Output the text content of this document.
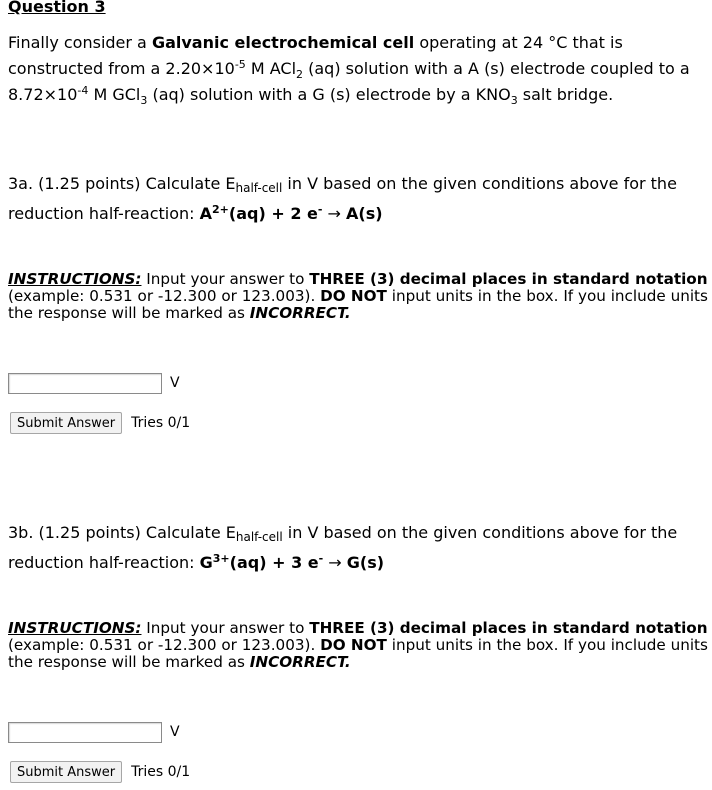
Question 3

Finally consider a Galvanic electrochemical cell operating at 24 °C that is constructed from a $2.20\times 10^{-5}$ M ACl$_2$ (aq) solution with a A (s) electrode coupled to a $8.72\times 10^{-4}$ M GCl$_3$ (aq) solution with a G (s) electrode by a $KNO_3$ salt bridge.

3a. (1.25 points) Calculate Ehalf-cell in V based on the given conditions above for the reduction half-reaction: $A^{2+}(aq) + 2$ e- → A(s)

INSTRUCTIONS: Input your answer to THREE (3) decimal places in standard notation (example: 0.531 or -12.300 or 123.003). DO NOT input units in the box. If you include units the response will be marked as INCORRECT.

V
Submit Answer	Tries 0/1

3b. (1.25 points) Calculate Ehalf-cell in V based on the given conditions above for the reduction half-reaction: $G^{3+}(aq) + 3$ e- → G(s)

INSTRUCTIONS: Input your answer to THREE (3) decimal places in standard notation (example: 0.531 or -12.300 or 123.003). DO NOT input units in the box. If you include units the response will be marked as INCORRECT.

V
Submit Answer	Tries 0/1
